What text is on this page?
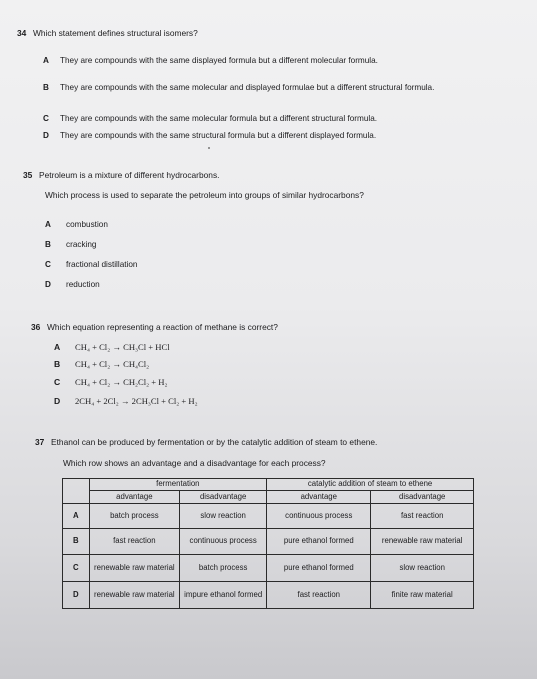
34 Which statement defines structural isomers?
A	They are compounds with the same displayed formula but a different molecular formula.
B	They are compounds with the same molecular and displayed formulae but a different structural formula.
C	They are compounds with the same molecular formula but a different structural formula.
D	They are compounds with the same structural formula but a different displayed formula.
35 Petroleum is a mixture of different hydrocarbons.
Which process is used to separate the petroleum into groups of similar hydrocarbons?
A	combustion
B	cracking
C	fractional distillation
D	reduction
36 Which equation representing a reaction of methane is correct?
A	CH₄ + Cl₂ → CH₃Cl + HCl
B	CH₄ + Cl₂ → CH₄Cl₂
C	CH₄ + Cl₂ → CH₂Cl₂ + H₂
D	2CH₄ + 2Cl₂ → 2CH₃Cl + Cl₂ + H₂
37 Ethanol can be produced by fermentation or by the catalytic addition of steam to ethene.
Which row shows an advantage and a disadvantage for each process?
	fermentation		catalytic addition of steam to ethene	
	advantage	disadvantage	advantage	disadvantage
A	batch process	slow reaction	continuous process	fast reaction
B	fast reaction	continuous process	pure ethanol formed	renewable raw material
C	renewable raw material	batch process	pure ethanol formed	slow reaction
D	renewable raw material	impure ethanol formed	fast reaction	finite raw material
